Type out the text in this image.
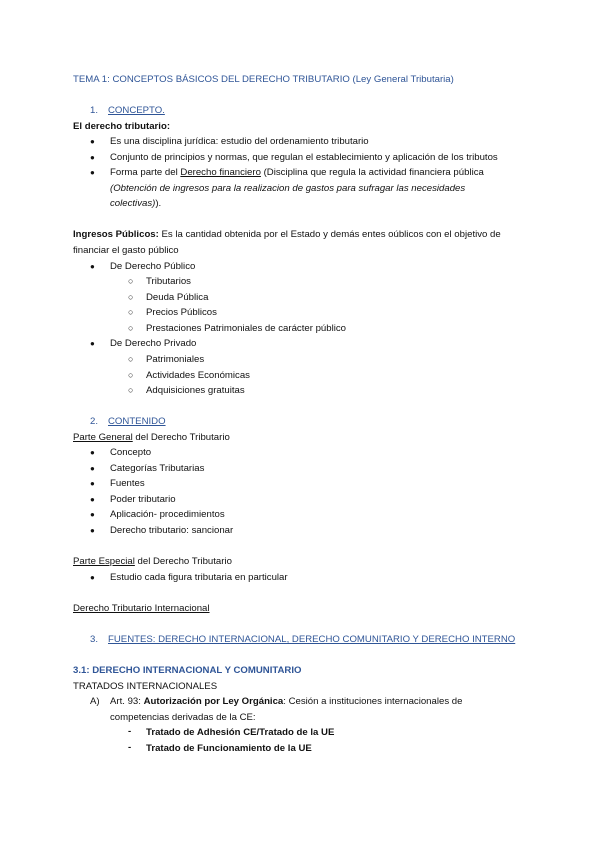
TEMA 1: CONCEPTOS BÁSICOS DEL DERECHO TRIBUTARIO (Ley General Tributaria)
1. CONCEPTO.
El derecho tributario:
● Es una disciplina jurídica: estudio del ordenamiento tributario
● Conjunto de principios y normas, que regulan el establecimiento y aplicación de los tributos
● Forma parte del Derecho financiero (Disciplina que regula la actividad financiera pública
(Obtención de ingresos para la realizacion de gastos para sufragar las necesidades
colectivas)).
Ingresos Públicos: Es la cantidad obtenida por el Estado y demás entes oúblicos con el objetivo de
financiar el gasto público
● De Derecho Público
○ Tributarios
○ Deuda Pública
○ Precios Públicos
○ Prestaciones Patrimoniales de carácter público
● De Derecho Privado
○ Patrimoniales
○ Actividades Económicas
○ Adquisiciones gratuitas
2. CONTENIDO
Parte General del Derecho Tributario
● Concepto
● Categorías Tributarias
● Fuentes
● Poder tributario
● Aplicación- procedimientos
● Derecho tributario: sancionar
Parte Especial del Derecho Tributario
● Estudio cada figura tributaria en particular
Derecho Tributario Internacional
3. FUENTES: DERECHO INTERNACIONAL, DERECHO COMUNITARIO Y DERECHO INTERNO
3.1: DERECHO INTERNACIONAL Y COMUNITARIO
TRATADOS INTERNACIONALES
A) Art. 93: Autorización por Ley Orgánica: Cesión a instituciones internacionales de
competencias derivadas de la CE:
- Tratado de Adhesión CE/Tratado de la UE
- Tratado de Funcionamiento de la UE
